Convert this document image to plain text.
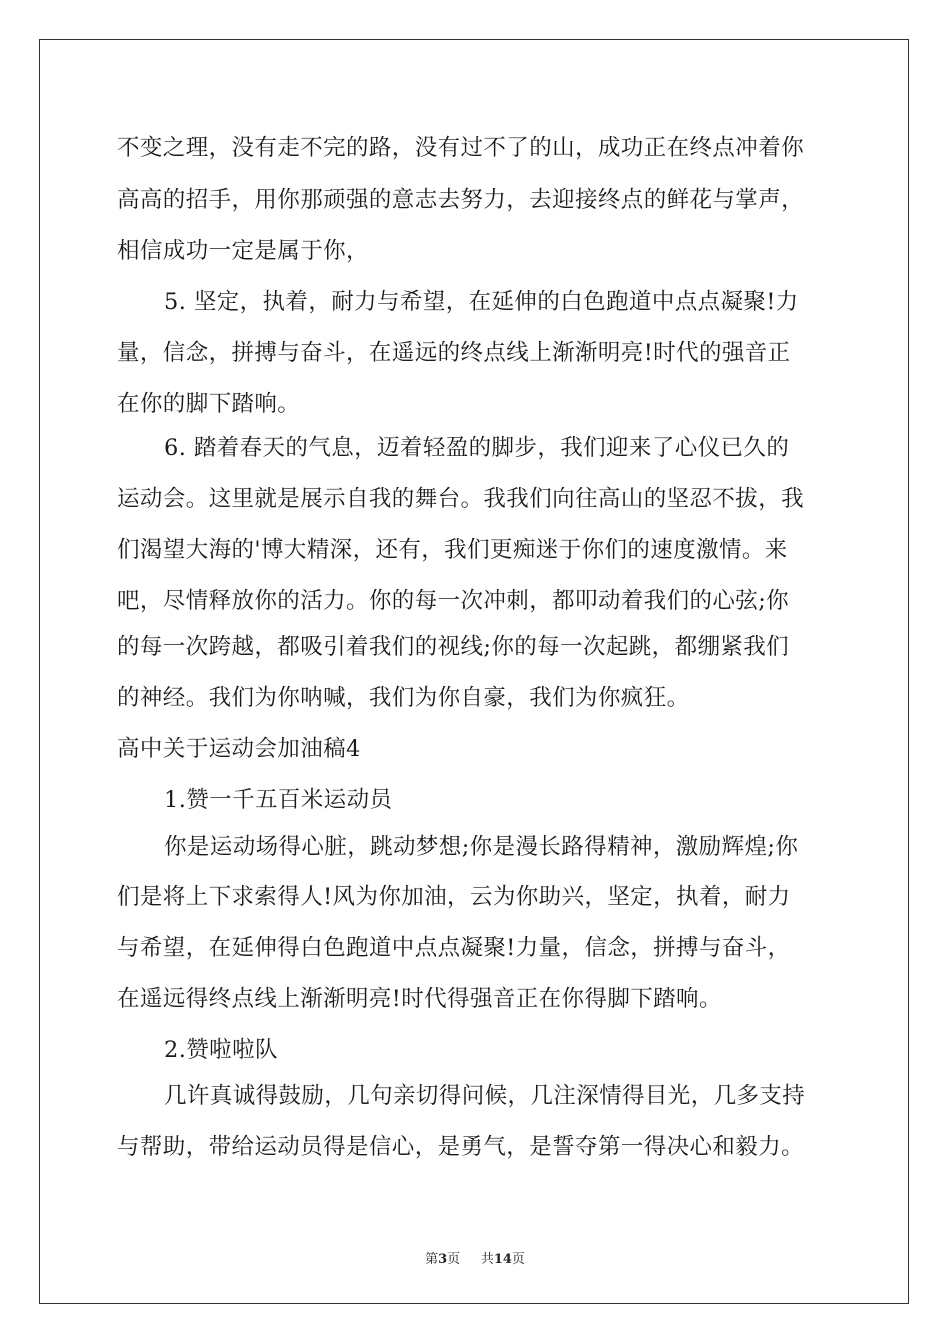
不变之理，没有走不完的路，没有过不了的山，成功正在终点冲着你
高高的招手，用你那顽强的意志去努力，去迎接终点的鲜花与掌声，
相信成功一定是属于你，
5. 坚定，执着，耐力与希望，在延伸的白色跑道中点点凝聚!力
量，信念，拼搏与奋斗，在遥远的终点线上渐渐明亮!时代的强音正
在你的脚下踏响。
6. 踏着春天的气息，迈着轻盈的脚步，我们迎来了心仪已久的
运动会。这里就是展示自我的舞台。我我们向往高山的坚忍不拔，我
们渴望大海的'博大精深，还有，我们更痴迷于你们的速度激情。来
吧，尽情释放你的活力。你的每一次冲刺，都叩动着我们的心弦;你
的每一次跨越，都吸引着我们的视线;你的每一次起跳，都绷紧我们
的神经。我们为你呐喊，我们为你自豪，我们为你疯狂。
高中关于运动会加油稿4
1.赞一千五百米运动员
你是运动场得心脏，跳动梦想;你是漫长路得精神，激励辉煌;你
们是将上下求索得人!风为你加油，云为你助兴，坚定，执着，耐力
与希望，在延伸得白色跑道中点点凝聚!力量，信念，拼搏与奋斗，
在遥远得终点线上渐渐明亮!时代得强音正在你得脚下踏响。
2.赞啦啦队
几许真诚得鼓励，几句亲切得问候，几注深情得目光，几多支持
与帮助，带给运动员得是信心，是勇气，是誓夺第一得决心和毅力。
第3页 共14页
